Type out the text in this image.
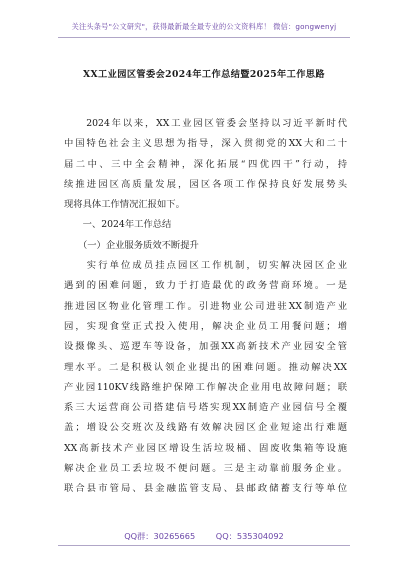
关注头条号"公文研究"，获得最新最全最专业的公文资料库！ 微信：gongwenyj
XX工业园区管委会2024年工作总结暨2025年工作思路
　　2024年以来，XX工业园区管委会坚持以习近平新时代
中国特色社会主义思想为指导，深入贯彻党的XX大和二十
届二中、三中全会精神，深化拓展“四优四干”行动，持
续推进园区高质量发展，园区各项工作保持良好发展势头
现将具体工作情况汇报如下。
　　一、2024年工作总结
　　（一）企业服务质效不断提升
　　实行单位成员挂点园区工作机制，切实解决园区企业
遇到的困难问题，致力于打造最优的政务营商环境。一是
推进园区物业化管理工作。引进物业公司进驻XX制造产业
园，实现食堂正式投入使用，解决企业员工用餐问题；增
设摄像头、巡逻车等设备，加强XX高新技术产业园安全管
理水平。二是积极认领企业提出的困难问题。推动解决XX
产业园110KV线路维护保障工作解决企业用电故障问题；联
系三大运营商公司搭建信号塔实现XX制造产业园信号全覆
盖；增设公交班次及线路有效解决园区企业短途出行难题
XX高新技术产业园区增设生活垃圾桶、固废收集箱等设施
解决企业员工丢垃圾不便问题。三是主动靠前服务企业。
联合县市管局、县金融监管支局、县邮政储蓄支行等单位
QQ群：30265665	QQ：535304092
